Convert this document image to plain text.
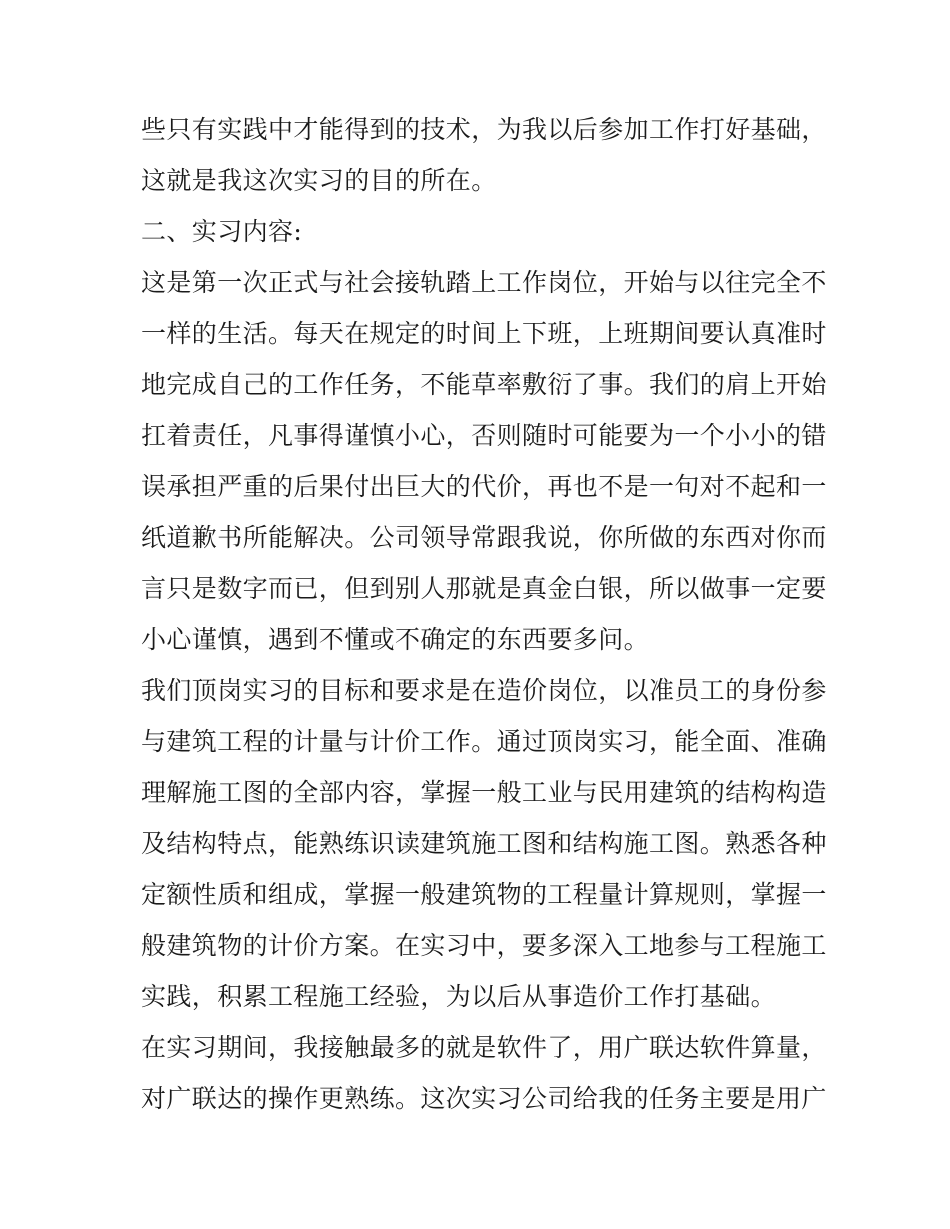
些只有实践中才能得到的技术，为我以后参加工作打好基础，
这就是我这次实习的目的所在。
二、实习内容:
这是第一次正式与社会接轨踏上工作岗位，开始与以往完全不
一样的生活。每天在规定的时间上下班，上班期间要认真准时
地完成自己的工作任务，不能草率敷衍了事。我们的肩上开始
扛着责任，凡事得谨慎小心，否则随时可能要为一个小小的错
误承担严重的后果付出巨大的代价，再也不是一句对不起和一
纸道歉书所能解决。公司领导常跟我说，你所做的东西对你而
言只是数字而已，但到别人那就是真金白银，所以做事一定要
小心谨慎，遇到不懂或不确定的东西要多问。
我们顶岗实习的目标和要求是在造价岗位，以准员工的身份参
与建筑工程的计量与计价工作。通过顶岗实习，能全面、准确
理解施工图的全部内容，掌握一般工业与民用建筑的结构构造
及结构特点，能熟练识读建筑施工图和结构施工图。熟悉各种
定额性质和组成，掌握一般建筑物的工程量计算规则，掌握一
般建筑物的计价方案。在实习中，要多深入工地参与工程施工
实践，积累工程施工经验，为以后从事造价工作打基础。
在实习期间，我接触最多的就是软件了，用广联达软件算量，
对广联达的操作更熟练。这次实习公司给我的任务主要是用广
